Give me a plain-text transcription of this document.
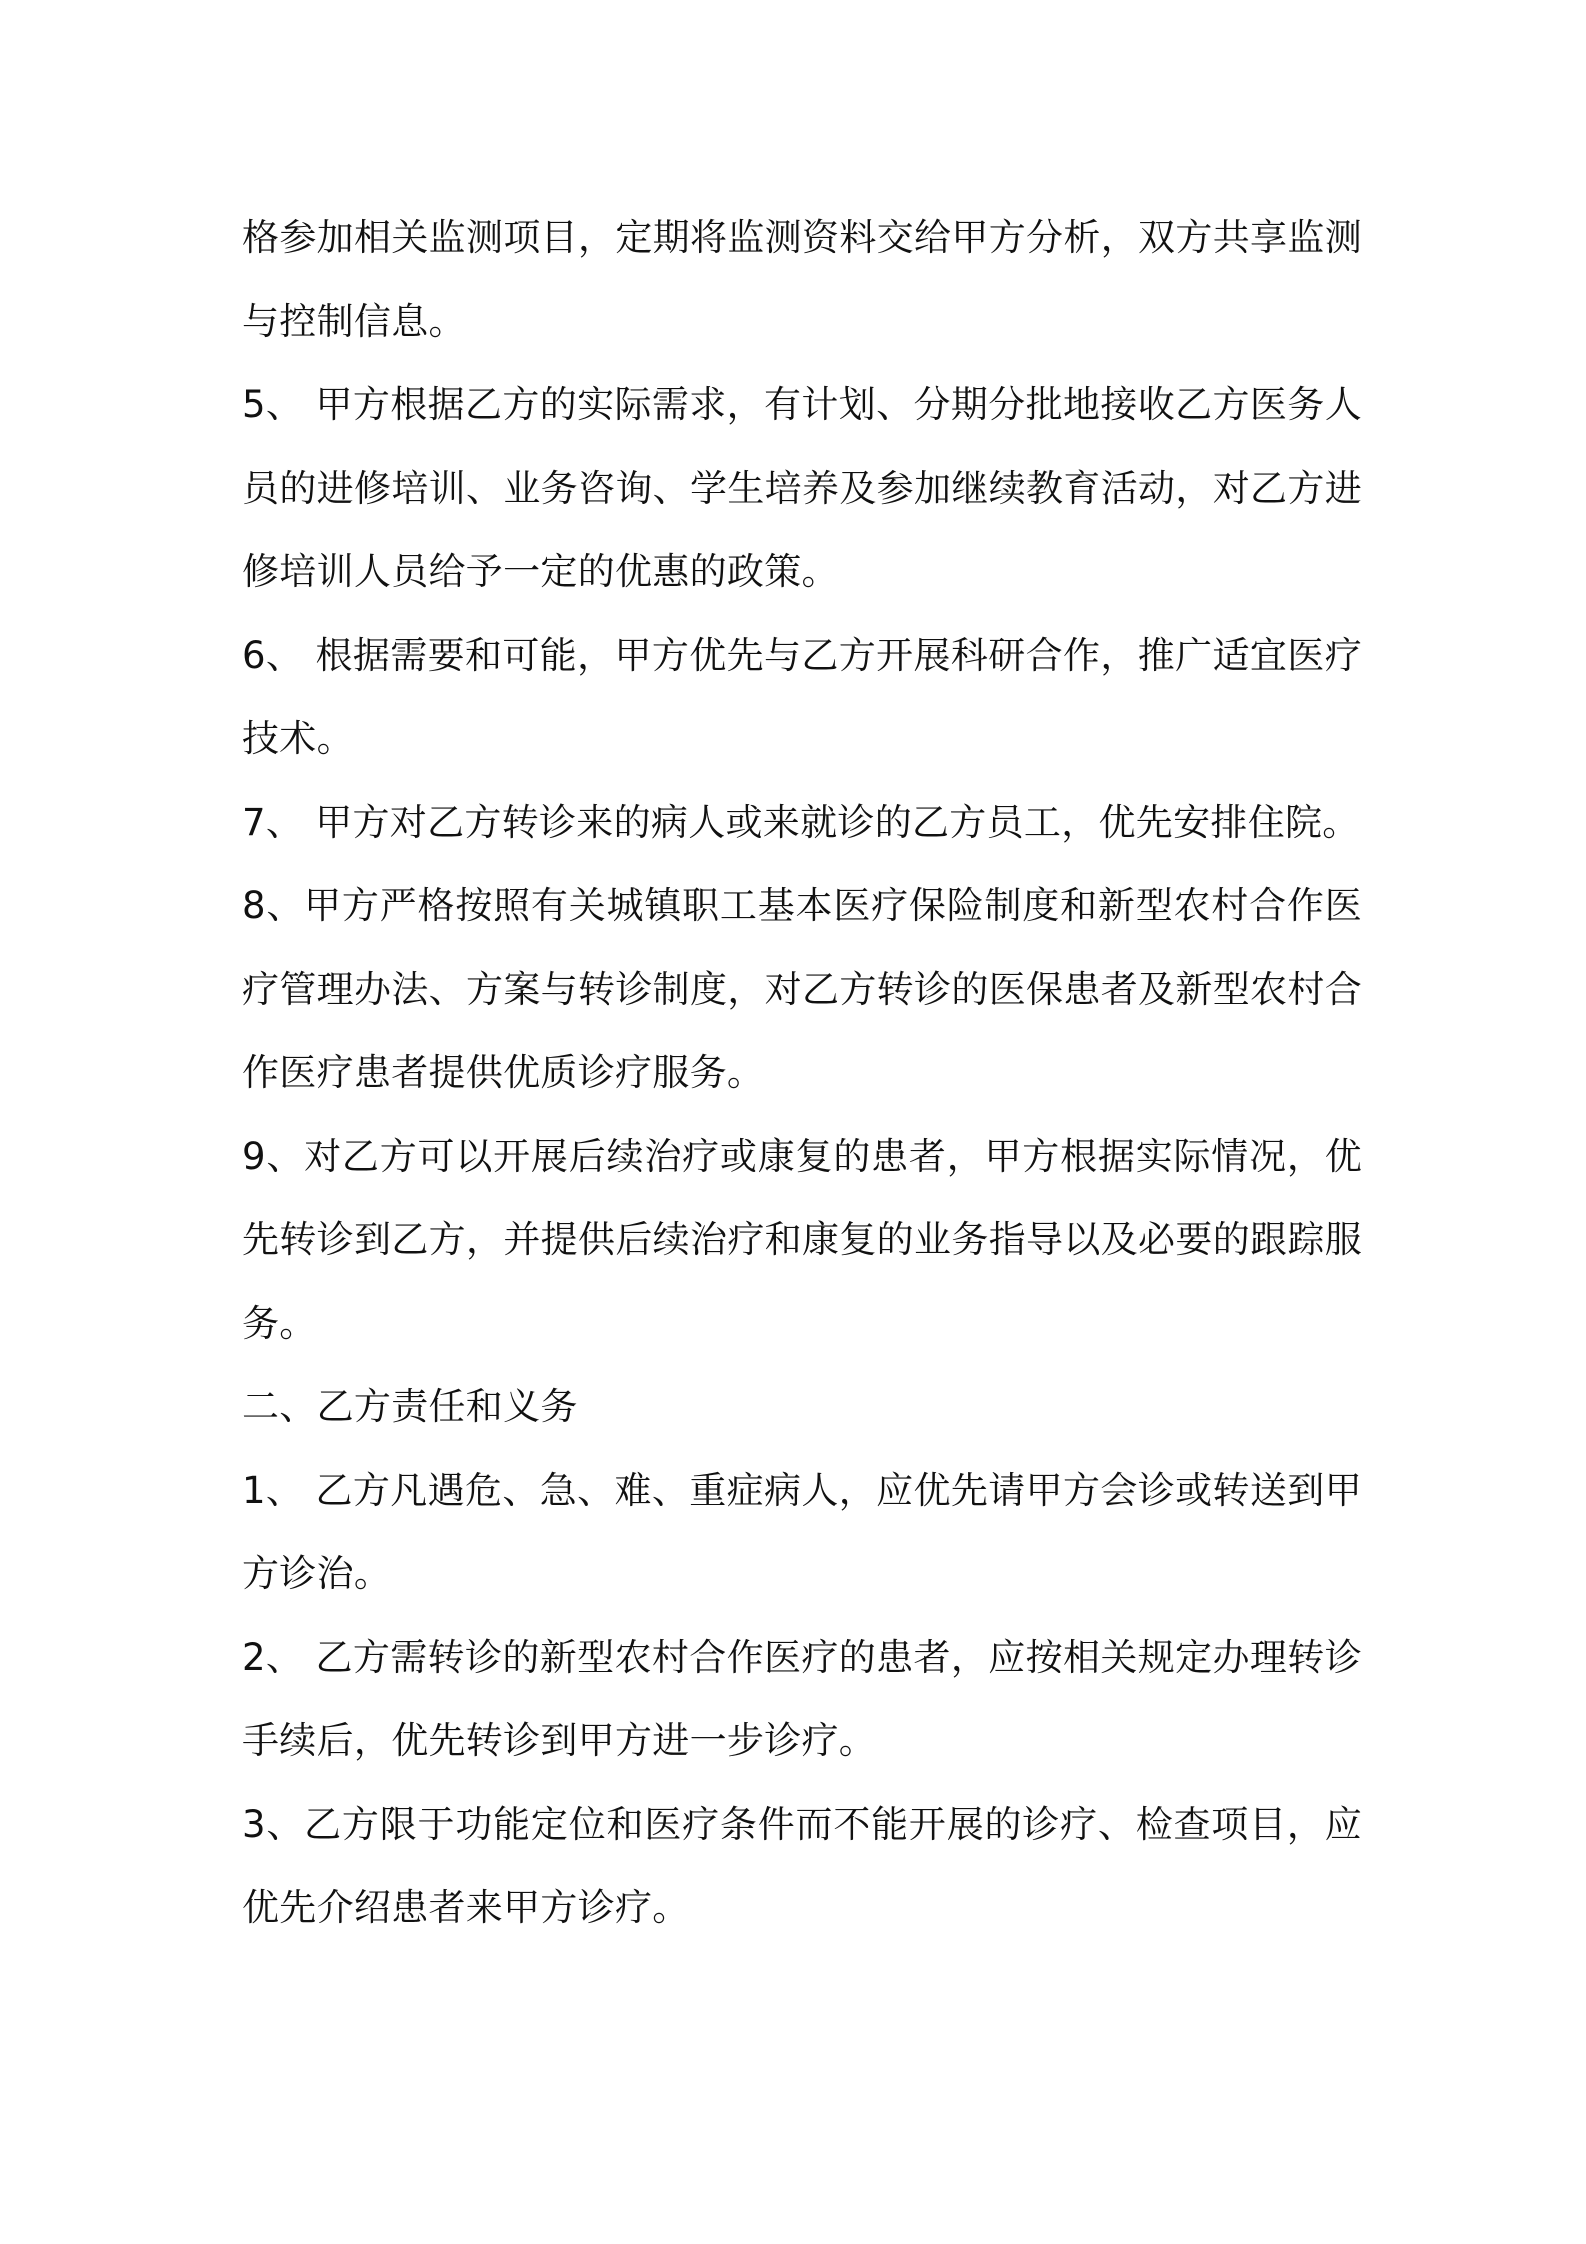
格参加相关监测项目，定期将监测资料交给甲方分析，双方共享监测与控制信息。

5、 甲方根据乙方的实际需求，有计划、分期分批地接收乙方医务人员的进修培训、业务咨询、学生培养及参加继续教育活动，对乙方进修培训人员给予一定的优惠的政策。

6、 根据需要和可能，甲方优先与乙方开展科研合作，推广适宜医疗技术。

7、 甲方对乙方转诊来的病人或来就诊的乙方员工，优先安排住院。

8、甲方严格按照有关城镇职工基本医疗保险制度和新型农村合作医疗管理办法、方案与转诊制度，对乙方转诊的医保患者及新型农村合作医疗患者提供优质诊疗服务。

9、对乙方可以开展后续治疗或康复的患者，甲方根据实际情况，优先转诊到乙方，并提供后续治疗和康复的业务指导以及必要的跟踪服务。

二、乙方责任和义务

1、 乙方凡遇危、急、难、重症病人，应优先请甲方会诊或转送到甲方诊治。

2、 乙方需转诊的新型农村合作医疗的患者，应按相关规定办理转诊手续后，优先转诊到甲方进一步诊疗。

3、乙方限于功能定位和医疗条件而不能开展的诊疗、检查项目，应优先介绍患者来甲方诊疗。
